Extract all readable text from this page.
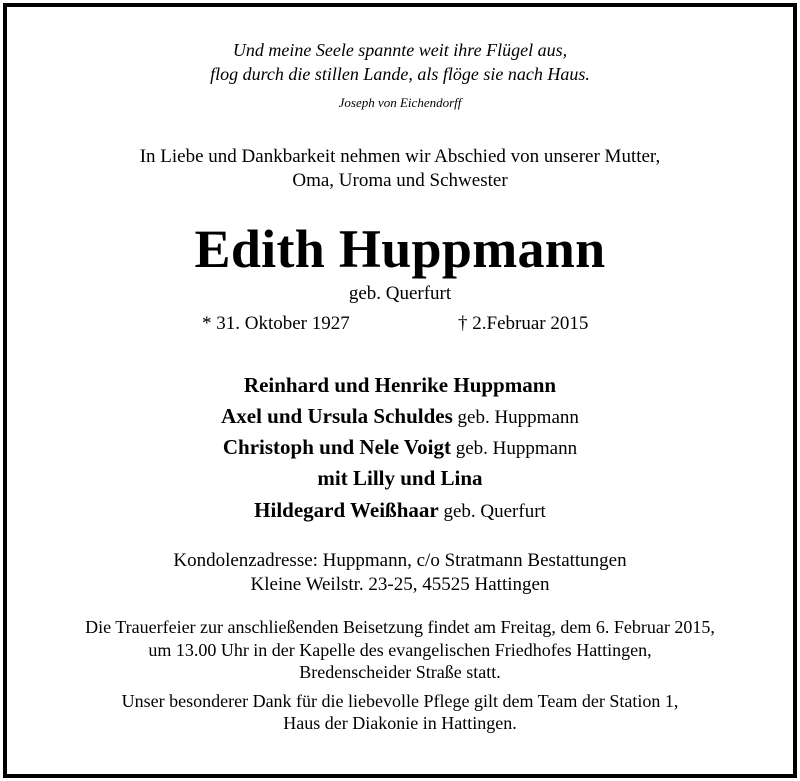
Und meine Seele spannte weit ihre Flügel aus,
flog durch die stillen Lande, als flöge sie nach Haus.
Joseph von Eichendorff
In Liebe und Dankbarkeit nehmen wir Abschied von unserer Mutter,
Oma, Uroma und Schwester
Edith Huppmann
geb. Querfurt
* 31. Oktober 1927	† 2.Februar 2015
Reinhard und Henrike Huppmann
Axel und Ursula Schuldes geb. Huppmann
Christoph und Nele Voigt geb. Huppmann
mit Lilly und Lina
Hildegard Weißhaar geb. Querfurt
Kondolenzadresse: Huppmann, c/o Stratmann Bestattungen
Kleine Weilstr. 23-25, 45525 Hattingen
Die Trauerfeier zur anschließenden Beisetzung findet am Freitag, dem 6. Februar 2015,
um 13.00 Uhr in der Kapelle des evangelischen Friedhofes Hattingen,
Bredenscheider Straße statt.
Unser besonderer Dank für die liebevolle Pflege gilt dem Team der Station 1,
Haus der Diakonie in Hattingen.
